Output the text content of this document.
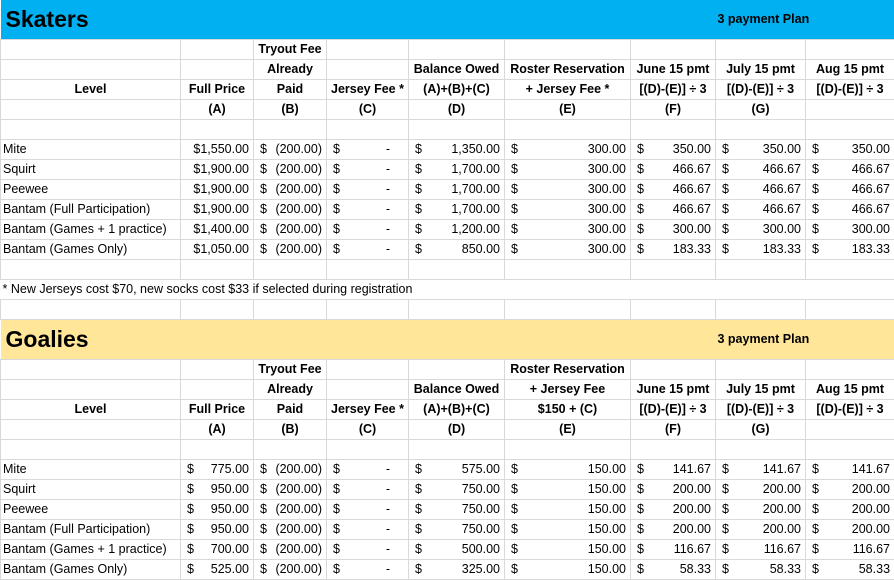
Skaters							3 payment Plan	
		Tryout Fee						
		Already		Balance Owed	Roster Reservation	June 15 pmt	July 15 pmt	Aug 15 pmt
Level	Full Price	Paid	Jersey Fee *	(A)+(B)+(C)	+ Jersey Fee *	[(D)-(E)] ÷ 3	[(D)-(E)] ÷ 3	[(D)-(E)] ÷ 3
	(A)	(B)	(C)	(D)	(E)	(F)	(G)	

Mite	$1,550.00	$ (200.00)	$ -	$ 1,350.00	$ 300.00	$ 350.00	$ 350.00	$ 350.00

Squirt	$1,900.00	$ (200.00)	$ -	$ 1,700.00	$ 300.00	$ 466.67	$ 466.67	$ 466.67

Peewee	$1,900.00	$ (200.00)	$ -	$ 1,700.00	$ 300.00	$ 466.67	$ 466.67	$ 466.67

Bantam (Full Participation)	$1,900.00	$ (200.00)	$ -	$ 1,700.00	$ 300.00	$ 466.67	$ 466.67	$ 466.67

Bantam (Games + 1 practice)	$1,400.00	$ (200.00)	$ -	$ 1,200.00	$ 300.00	$ 300.00	$ 300.00	$ 300.00

Bantam (Games Only)	$1,050.00	$ (200.00)	$ -	$ 850.00	$ 300.00	$ 183.33	$ 183.33	$ 183.33

* New Jerseys cost $70, new socks cost $33 if selected during registration								

Goalies							3 payment Plan	
		Tryout Fee			Roster Reservation			
		Already		Balance Owed	+ Jersey Fee	June 15 pmt	July 15 pmt	Aug 15 pmt
Level	Full Price	Paid	Jersey Fee *	(A)+(B)+(C)	$150 + (C)	[(D)-(E)] ÷ 3	[(D)-(E)] ÷ 3	[(D)-(E)] ÷ 3
	(A)	(B)	(C)	(D)	(E)	(F)	(G)	

Mite	$ 775.00	$ (200.00)	$ -	$ 575.00	$ 150.00	$ 141.67	$ 141.67	$ 141.67

Squirt	$ 950.00	$ (200.00)	$ -	$ 750.00	$ 150.00	$ 200.00	$ 200.00	$ 200.00

Peewee	$ 950.00	$ (200.00)	$ -	$ 750.00	$ 150.00	$ 200.00	$ 200.00	$ 200.00

Bantam (Full Participation)	$ 950.00	$ (200.00)	$ -	$ 750.00	$ 150.00	$ 200.00	$ 200.00	$ 200.00

Bantam (Games + 1 practice)	$ 700.00	$ (200.00)	$ -	$ 500.00	$ 150.00	$ 116.67	$ 116.67	$ 116.67

Bantam (Games Only)	$ 525.00	$ (200.00)	$ -	$ 325.00	$ 150.00	$ 58.33	$ 58.33	$ 58.33
